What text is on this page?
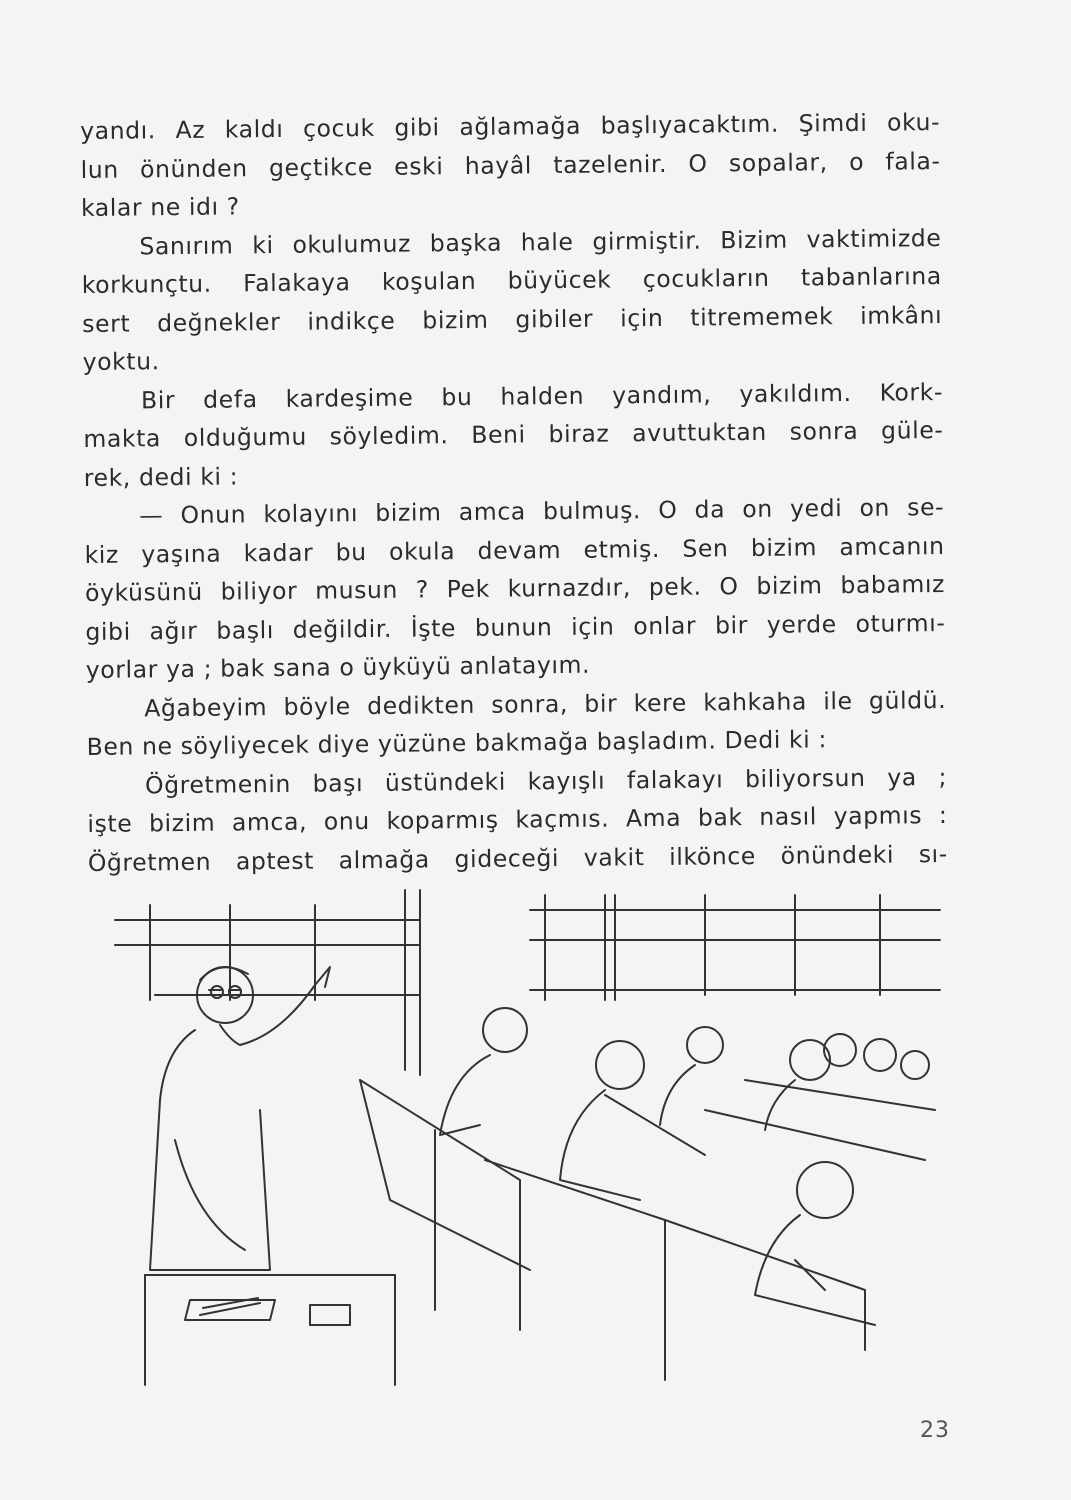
yandı. Az kaldı çocuk gibi ağlamağa başlıyacaktım. Şimdi oku-
lun önünden geçtikce eski hayâl tazelenir. O sopalar, o fala-
kalar ne idı ?
Sanırım ki okulumuz başka hale girmiştir. Bizim vaktimizde
korkunçtu. Falakaya koşulan büyücek çocukların tabanlarına
sert değnekler indikçe bizim gibiler için titrememek imkânı
yoktu.
Bir defa kardeşime bu halden yandım, yakıldım. Kork-
makta olduğumu söyledim. Beni biraz avuttuktan sonra güle-
rek, dedi ki :
— Onun kolayını bizim amca bulmuş. O da on yedi on se-
kiz yaşına kadar bu okula devam etmiş. Sen bizim amcanın
öyküsünü biliyor musun ? Pek kurnazdır, pek. O bizim babamız
gibi ağır başlı değildir. İşte bunun için onlar bir yerde oturmı-
yorlar ya ; bak sana o üyküyü anlatayım.
Ağabeyim böyle dedikten sonra, bir kere kahkaha ile güldü.
Ben ne söyliyecek diye yüzüne bakmağa başladım. Dedi ki :
Öğretmenin başı üstündeki kayışlı falakayı biliyorsun ya ;
işte bizim amca, onu koparmış kaçmıs. Ama bak nasıl yapmıs :
Öğretmen aptest almağa gideceği vakit ilkönce önündeki sı-
23
